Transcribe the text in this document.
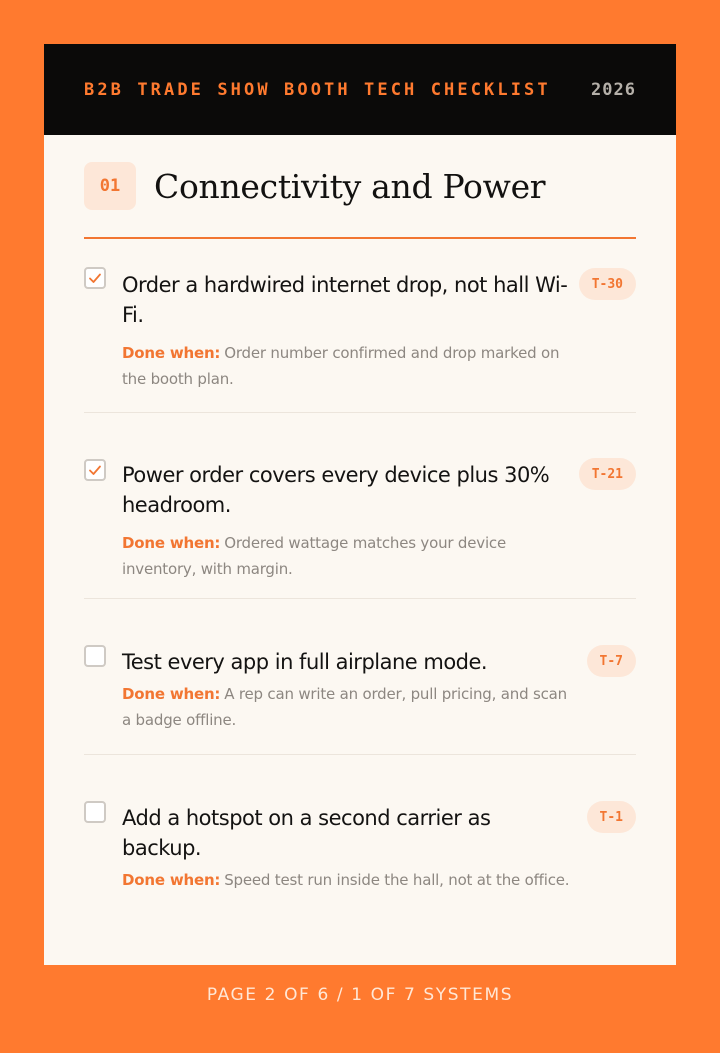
B2B TRADE SHOW BOOTH TECH CHECKLIST 2026
01	Connectivity and Power
Order a hardwired internet drop, not hall Wi-Fi.
Done when: Order number confirmed and drop marked on the booth plan.
T-30
Power order covers every device plus 30% headroom.
Done when: Ordered wattage matches your device inventory, with margin.
T-21
Test every app in full airplane mode.
Done when: A rep can write an order, pull pricing, and scan a badge offline.
T-7
Add a hotspot on a second carrier as backup.
Done when: Speed test run inside the hall, not at the office.
T-1
PAGE 2 OF 6 / 1 OF 7 SYSTEMS
